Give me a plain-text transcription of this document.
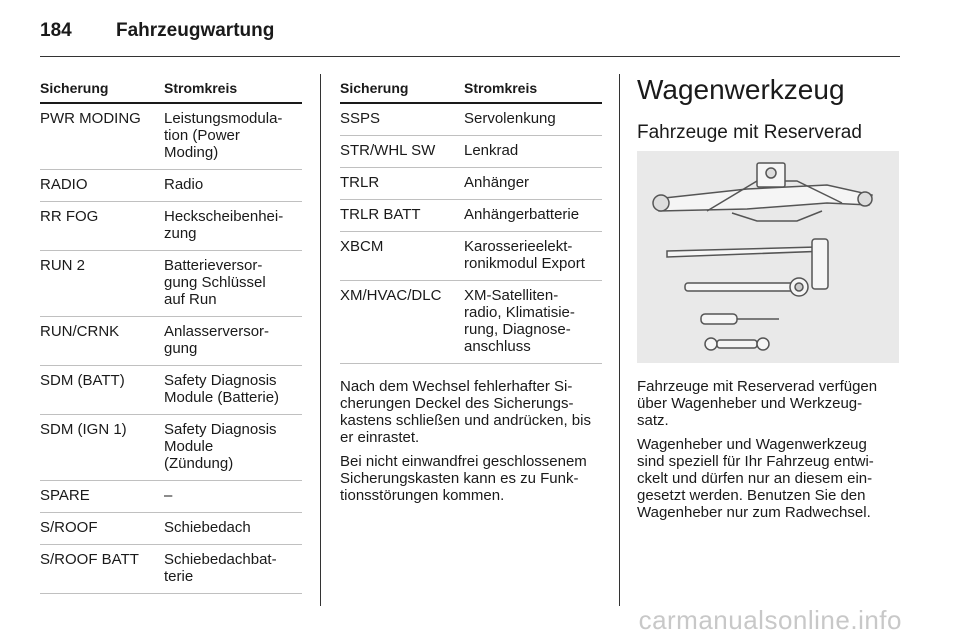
184 Fahrzeugwartung
Sicherung	Stromkreis
PWR MODING	Leistungsmodula-
tion (Power
Moding)
RADIO	Radio
RR FOG	Heckscheibenhei-
zung
RUN 2	Batterieversor-
gung Schlüssel
auf Run
RUN/CRNK	Anlasserversor-
gung
SDM (BATT)	Safety Diagnosis
Module (Batterie)
SDM (IGN 1)	Safety Diagnosis
Module
(Zündung)
SPARE	–
S/ROOF	Schiebedach
S/ROOF BATT	Schiebedachbat-
terie
Sicherung	Stromkreis
SSPS	Servolenkung
STR/WHL SW	Lenkrad
TRLR	Anhänger
TRLR BATT	Anhängerbatterie
XBCM	Karosserieelekt-
ronikmodul Export
XM/HVAC/DLC	XM-Satelliten-
radio, Klimatisie-
rung, Diagnose-
anschluss

Nach dem Wechsel fehlerhafter Si-
cherungen Deckel des Sicherungs-
kastens schließen und andrücken, bis
er einrastet.

Bei nicht einwandfrei geschlossenem
Sicherungskasten kann es zu Funk-
tionsstörungen kommen.

Wagenwerkzeug
Fahrzeuge mit Reserverad

Fahrzeuge mit Reserverad verfügen
über Wagenheber und Werkzeug-
satz.

Wagenheber und Wagenwerkzeug
sind speziell für Ihr Fahrzeug entwi-
ckelt und dürfen nur an diesem ein-
gesetzt werden. Benutzen Sie den
Wagenheber nur zum Radwechsel.

carmanualsonline.info
